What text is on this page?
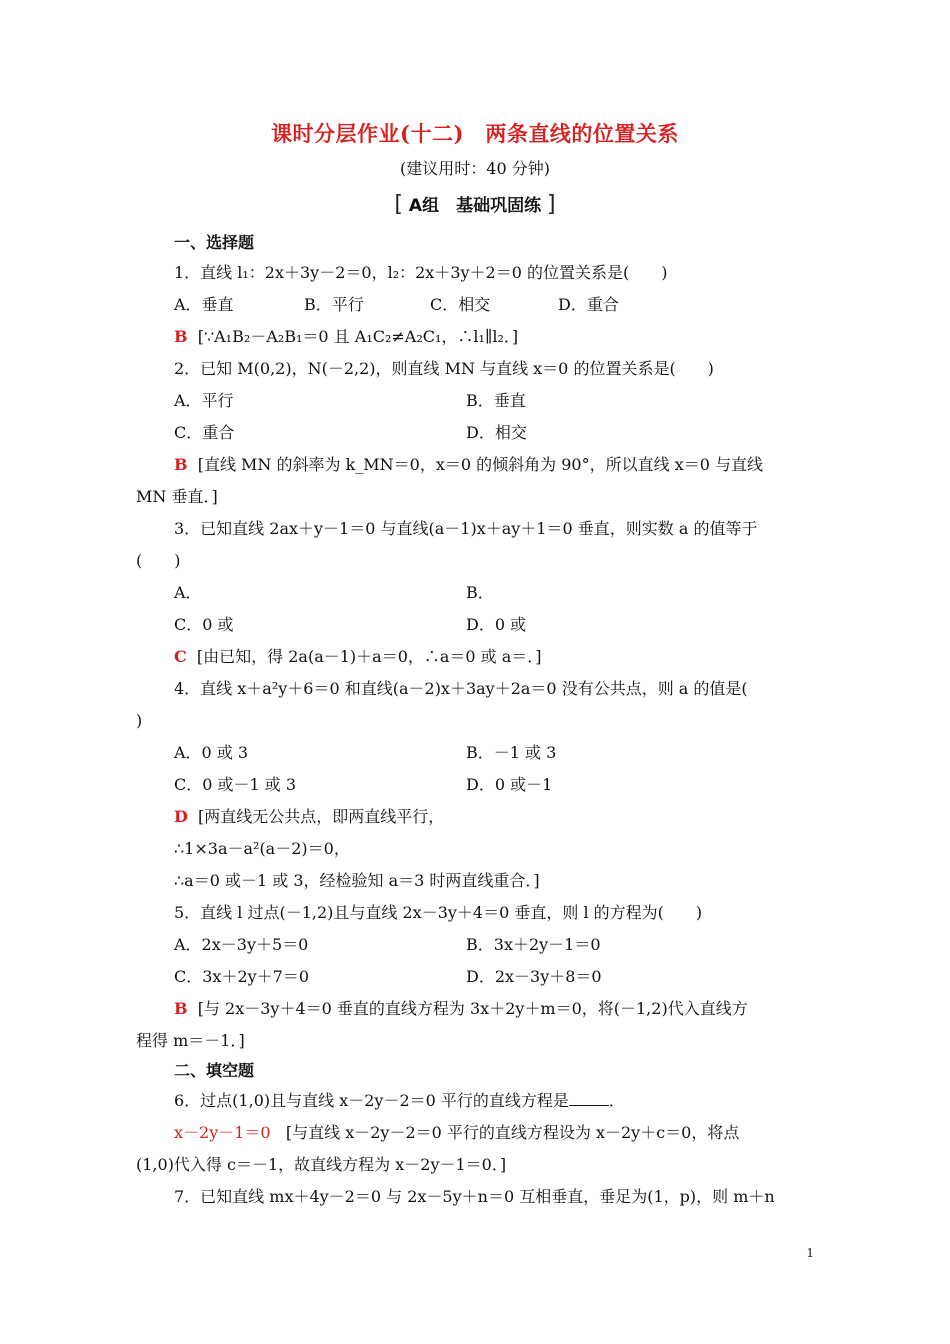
课时分层作业(十二)　两条直线的位置关系
(建议用时：40 分钟)
[ A组　基础巩固练 ]
一、选择题
1．直线 l₁：2x＋3y－2＝0，l₂：2x＋3y＋2＝0 的位置关系是(　　)
A．垂直	B．平行	C．相交	D．重合
B [∵A₁B₂－A₂B₁＝0 且 A₁C₂≠A₂C₁，∴l₁∥l₂．]
2．已知 M(0,2)，N(－2,2)，则直线 MN 与直线 x＝0 的位置关系是(　　)
A．平行	B．垂直
C．重合	D．相交
B [直线 MN 的斜率为 k_MN＝0，x＝0 的倾斜角为 90°，所以直线 x＝0 与直线
MN 垂直．]
3．已知直线 2ax＋y－1＝0 与直线(a－1)x＋ay＋1＝0 垂直，则实数 a 的值等于
(　　)
A．	B．
C．0 或	D．0 或
C [由已知，得 2a(a－1)＋a＝0，∴a＝0 或 a＝．]
4．直线 x＋a²y＋6＝0 和直线(a－2)x＋3ay＋2a＝0 没有公共点，则 a 的值是(
)
A．0 或 3	B．－1 或 3
C．0 或－1 或 3	D．0 或－1
D [两直线无公共点，即两直线平行，
∴1×3a－a²(a－2)＝0，
∴a＝0 或－1 或 3，经检验知 a＝3 时两直线重合．]
5．直线 l 过点(－1,2)且与直线 2x－3y＋4＝0 垂直，则 l 的方程为(　　)
A．2x－3y＋5＝0	B．3x＋2y－1＝0
C．3x＋2y＋7＝0	D．2x－3y＋8＝0
B [与 2x－3y＋4＝0 垂直的直线方程为 3x＋2y＋m＝0，将(－1,2)代入直线方
程得 m＝－1．]
二、填空题
6．过点(1,0)且与直线 x－2y－2＝0 平行的直线方程是	．
x－2y－1＝0 [与直线 x－2y－2＝0 平行的直线方程设为 x－2y＋c＝0，将点
(1,0)代入得 c＝－1，故直线方程为 x－2y－1＝0．]
7．已知直线 mx＋4y－2＝0 与 2x－5y＋n＝0 互相垂直，垂足为(1，p)，则 m＋n
1
